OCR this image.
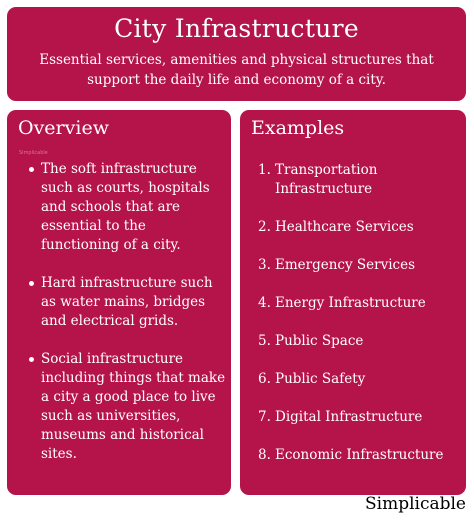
City Infrastructure

Essential services, amenities and physical structures that support the daily life and economy of a city.

Overview
Simplicable
The soft infrastructure such as courts, hospitals and schools that are essential to the functioning of a city.
Hard infrastructure such as water mains, bridges and electrical grids.
Social infrastructure including things that make a city a good place to live such as universities, museums and historical sites.
Examples
1. Transportation Infrastructure
2. Healthcare Services
3. Emergency Services
4. Energy Infrastructure
5. Public Space
6. Public Safety
7. Digital Infrastructure
8. Economic Infrastructure
Simplicable
